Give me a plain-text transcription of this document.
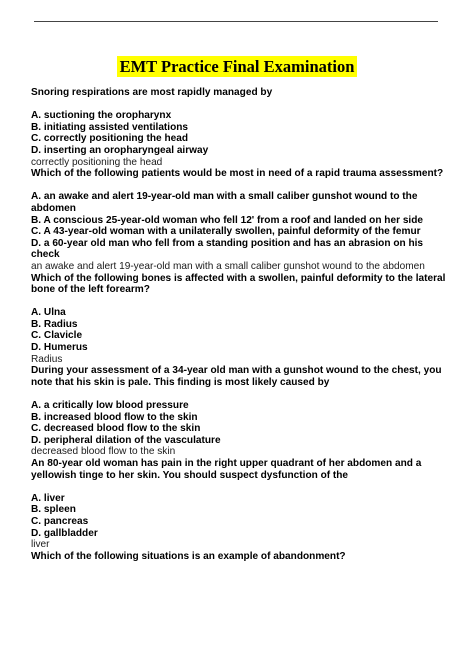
EMT Practice Final Examination
Snoring respirations are most rapidly managed by
A. suctioning the oropharynx
B. initiating assisted ventilations
C. correctly positioning the head
D. inserting an oropharyngeal airway
correctly positioning the head
Which of the following patients would be most in need of a rapid trauma assessment?
A. an awake and alert 19-year-old man with a small caliber gunshot wound to the abdomen
B. A conscious 25-year-old woman who fell 12' from a roof and landed on her side
C. A 43-year-old woman with a unilaterally swollen, painful deformity of the femur
D. a 60-year old man who fell from a standing position and has an abrasion on his check
an awake and alert 19-year-old man with a small caliber gunshot wound to the abdomen
Which of the following bones is affected with a swollen, painful deformity to the lateral bone of the left forearm?
A. Ulna
B. Radius
C. Clavicle
D. Humerus
Radius
During your assessment of a 34-year old man with a gunshot wound to the chest, you note that his skin is pale. This finding is most likely caused by
A. a critically low blood pressure
B. increased blood flow to the skin
C. decreased blood flow to the skin
D. peripheral dilation of the vasculature
decreased blood flow to the skin
An 80-year old woman has pain in the right upper quadrant of her abdomen and a yellowish tinge to her skin. You should suspect dysfunction of the
A. liver
B. spleen
C. pancreas
D. gallbladder
liver
Which of the following situations is an example of abandonment?
